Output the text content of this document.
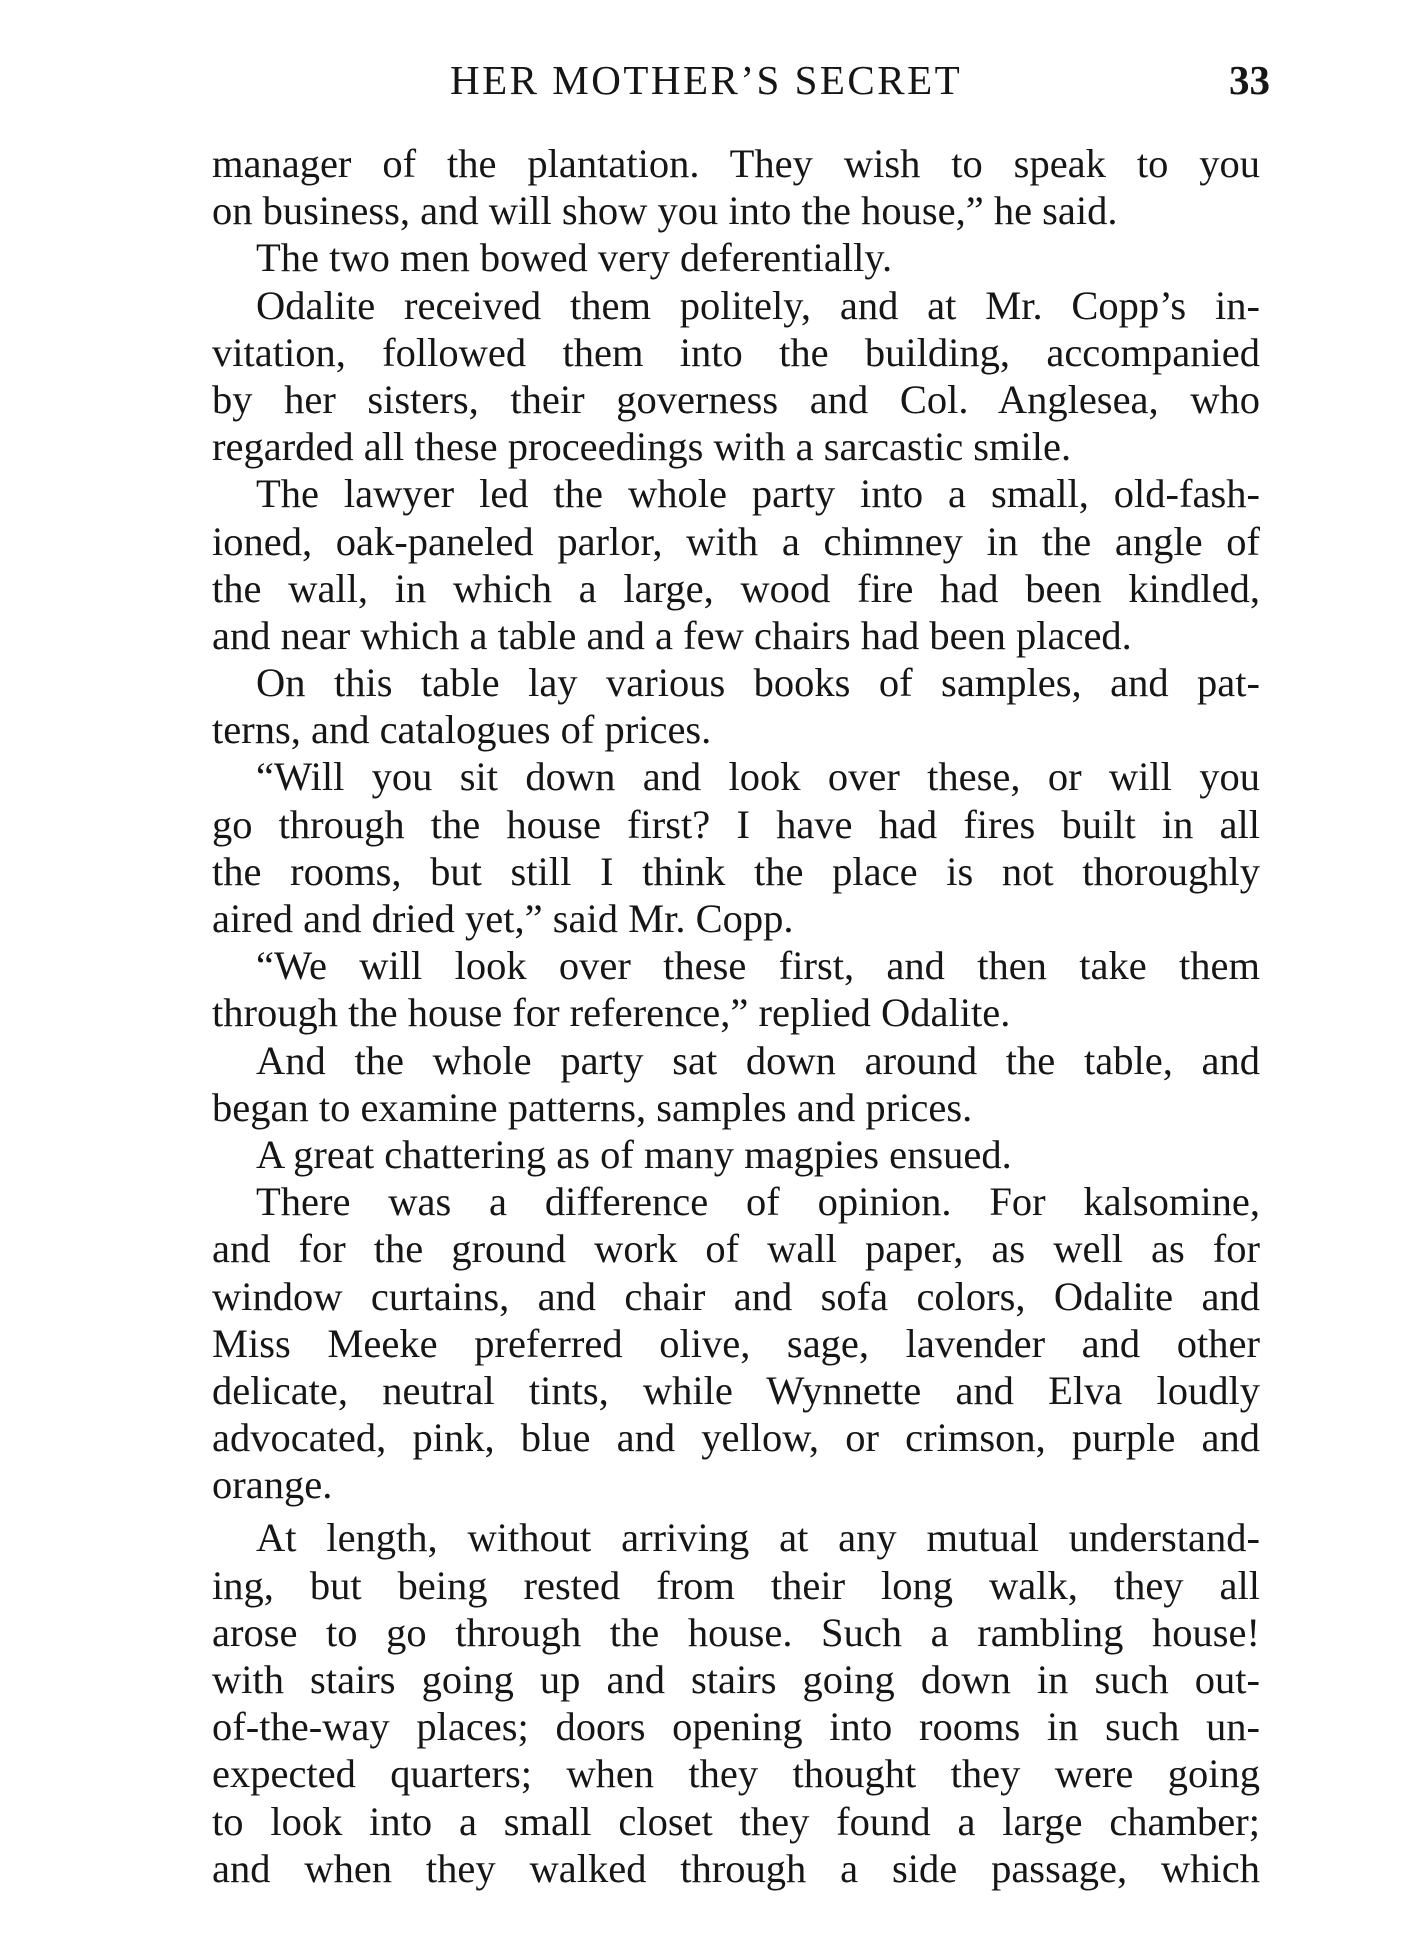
HER MOTHER’S SECRET	33
manager of the plantation. They wish to speak to you
on business, and will show you into the house,” he said.
The two men bowed very deferentially.
Odalite received them politely, and at Mr. Copp’s in-
vitation, followed them into the building, accompanied
by her sisters, their governess and Col. Anglesea, who
regarded all these proceedings with a sarcastic smile.
The lawyer led the whole party into a small, old-fash-
ioned, oak-paneled parlor, with a chimney in the angle of
the wall, in which a large, wood fire had been kindled,
and near which a table and a few chairs had been placed.
On this table lay various books of samples, and pat-
terns, and catalogues of prices.
“Will you sit down and look over these, or will you
go through the house first? I have had fires built in all
the rooms, but still I think the place is not thoroughly
aired and dried yet,” said Mr. Copp.
“We will look over these first, and then take them
through the house for reference,” replied Odalite.
And the whole party sat down around the table, and
began to examine patterns, samples and prices.
A great chattering as of many magpies ensued.
There was a difference of opinion. For kalsomine,
and for the ground work of wall paper, as well as for
window curtains, and chair and sofa colors, Odalite and
Miss Meeke preferred olive, sage, lavender and other
delicate, neutral tints, while Wynnette and Elva loudly
advocated, pink, blue and yellow, or crimson, purple and
orange.
At length, without arriving at any mutual understand-
ing, but being rested from their long walk, they all
arose to go through the house. Such a rambling house!
with stairs going up and stairs going down in such out-
of-the-way places; doors opening into rooms in such un-
expected quarters; when they thought they were going
to look into a small closet they found a large chamber;
and when they walked through a side passage, which
